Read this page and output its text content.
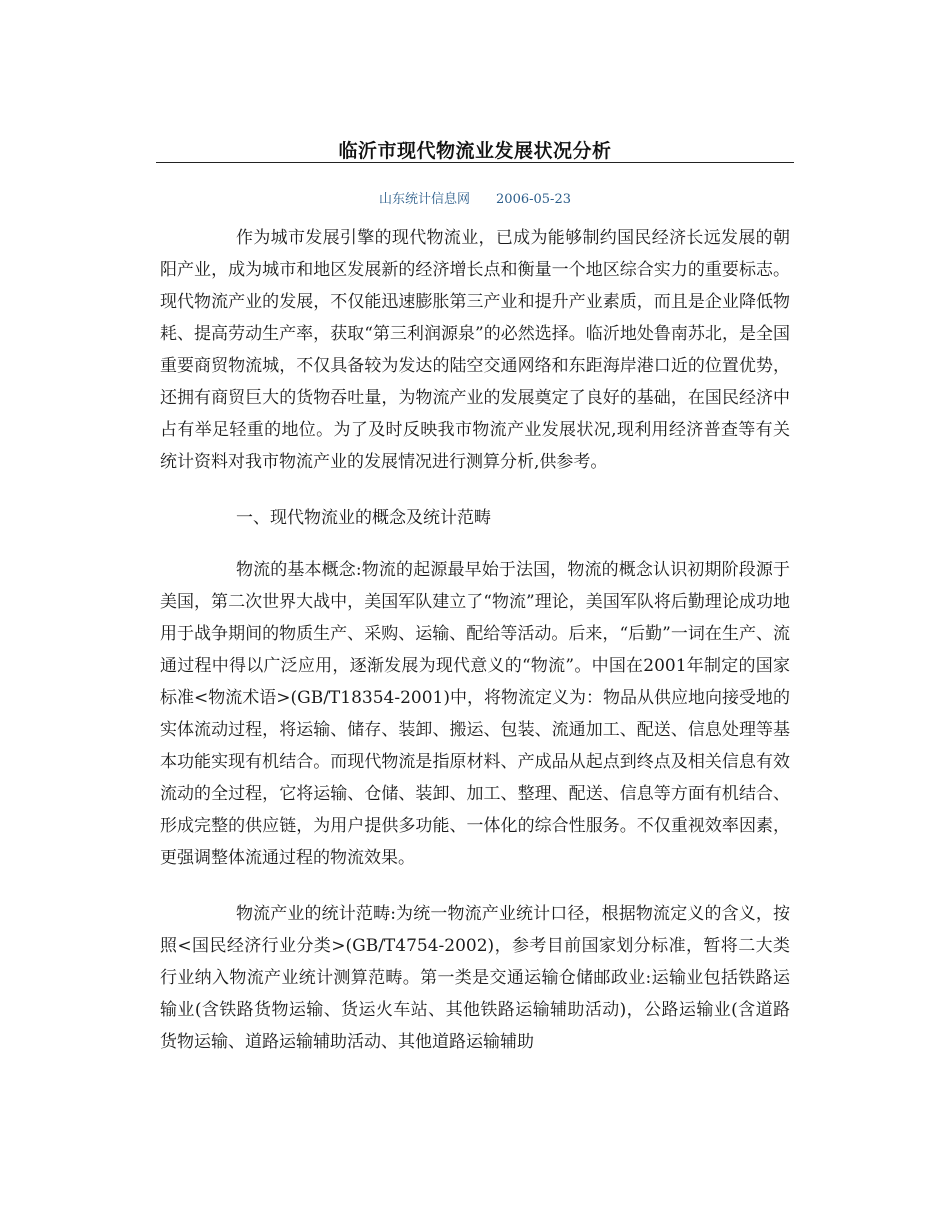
临沂市现代物流业发展状况分析
山东统计信息网 2006-05-23

作为城市发展引擎的现代物流业，已成为能够制约国民经济长远发展的朝阳产业，成为城市和地区发展新的经济增长点和衡量一个地区综合实力的重要标志。现代物流产业的发展，不仅能迅速膨胀第三产业和提升产业素质，而且是企业降低物耗、提高劳动生产率，获取“第三利润源泉”的必然选择。临沂地处鲁南苏北，是全国重要商贸物流城，不仅具备较为发达的陆空交通网络和东距海岸港口近的位置优势，还拥有商贸巨大的货物吞吐量，为物流产业的发展奠定了良好的基础，在国民经济中占有举足轻重的地位。为了及时反映我市物流产业发展状况,现利用经济普查等有关统计资料对我市物流产业的发展情况进行测算分析,供参考。

一、现代物流业的概念及统计范畴

物流的基本概念:物流的起源最早始于法国，物流的概念认识初期阶段源于美国，第二次世界大战中，美国军队建立了“物流”理论，美国军队将后勤理论成功地用于战争期间的物质生产、采购、运输、配给等活动。后来，“后勤”一词在生产、流通过程中得以广泛应用，逐渐发展为现代意义的“物流”。中国在2001年制定的国家标准<物流术语>(GB/T18354-2001)中，将物流定义为：物品从供应地向接受地的实体流动过程，将运输、储存、装卸、搬运、包装、流通加工、配送、信息处理等基本功能实现有机结合。而现代物流是指原材料、产成品从起点到终点及相关信息有效流动的全过程，它将运输、仓储、装卸、加工、整理、配送、信息等方面有机结合、形成完整的供应链，为用户提供多功能、一体化的综合性服务。不仅重视效率因素，更强调整体流通过程的物流效果。

物流产业的统计范畴:为统一物流产业统计口径，根据物流定义的含义，按照<国民经济行业分类>(GB/T4754-2002)，参考目前国家划分标准，暂将二大类行业纳入物流产业统计测算范畴。第一类是交通运输仓储邮政业:运输业包括铁路运输业(含铁路货物运输、货运火车站、其他铁路运输辅助活动)，公路运输业(含道路货物运输、道路运输辅助活动、其他道路运输辅助
